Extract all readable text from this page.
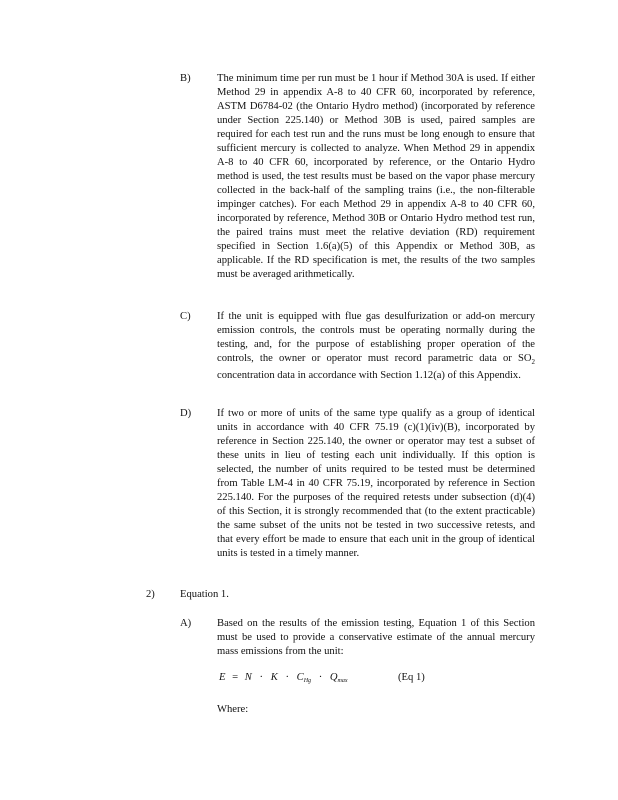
B) The minimum time per run must be 1 hour if Method 30A is used. If either Method 29 in appendix A-8 to 40 CFR 60, incorporated by reference, ASTM D6784-02 (the Ontario Hydro method) (incorporated by reference under Section 225.140) or Method 30B is used, paired samples are required for each test run and the runs must be long enough to ensure that sufficient mercury is collected to analyze. When Method 29 in appendix A-8 to 40 CFR 60, incorporated by reference, or the Ontario Hydro method is used, the test results must be based on the vapor phase mercury collected in the back-half of the sampling trains (i.e., the non-filterable impinger catches). For each Method 29 in appendix A-8 to 40 CFR 60, incorporated by reference, Method 30B or Ontario Hydro method test run, the paired trains must meet the relative deviation (RD) requirement specified in Section 1.6(a)(5) of this Appendix or Method 30B, as applicable. If the RD specification is met, the results of the two samples must be averaged arithmetically.
C) If the unit is equipped with flue gas desulfurization or add-on mercury emission controls, the controls must be operating normally during the testing, and, for the purpose of establishing proper operation of the controls, the owner or operator must record parametric data or $SO_2$ concentration data in accordance with Section 1.12(a) of this Appendix.
D) If two or more of units of the same type qualify as a group of identical units in accordance with 40 CFR 75.19 (c)(1)(iv)(B), incorporated by reference in Section 225.140, the owner or operator may test a subset of these units in lieu of testing each unit individually. If this option is selected, the number of units required to be tested must be determined from Table LM-4 in 40 CFR 75.19, incorporated by reference in Section 225.140. For the purposes of the required retests under subsection (d)(4) of this Section, it is strongly recommended that (to the extent practicable) the same subset of the units not be tested in two successive retests, and that every effort be made to ensure that each unit in the group of identical units is tested in a timely manner.
2) Equation 1.
A) Based on the results of the emission testing, Equation 1 of this Section must be used to provide a conservative estimate of the annual mercury mass emissions from the unit:
$E = N \cdot K \cdot C_{Hg} \cdot Q_{max}$	(Eq 1)
Where:
